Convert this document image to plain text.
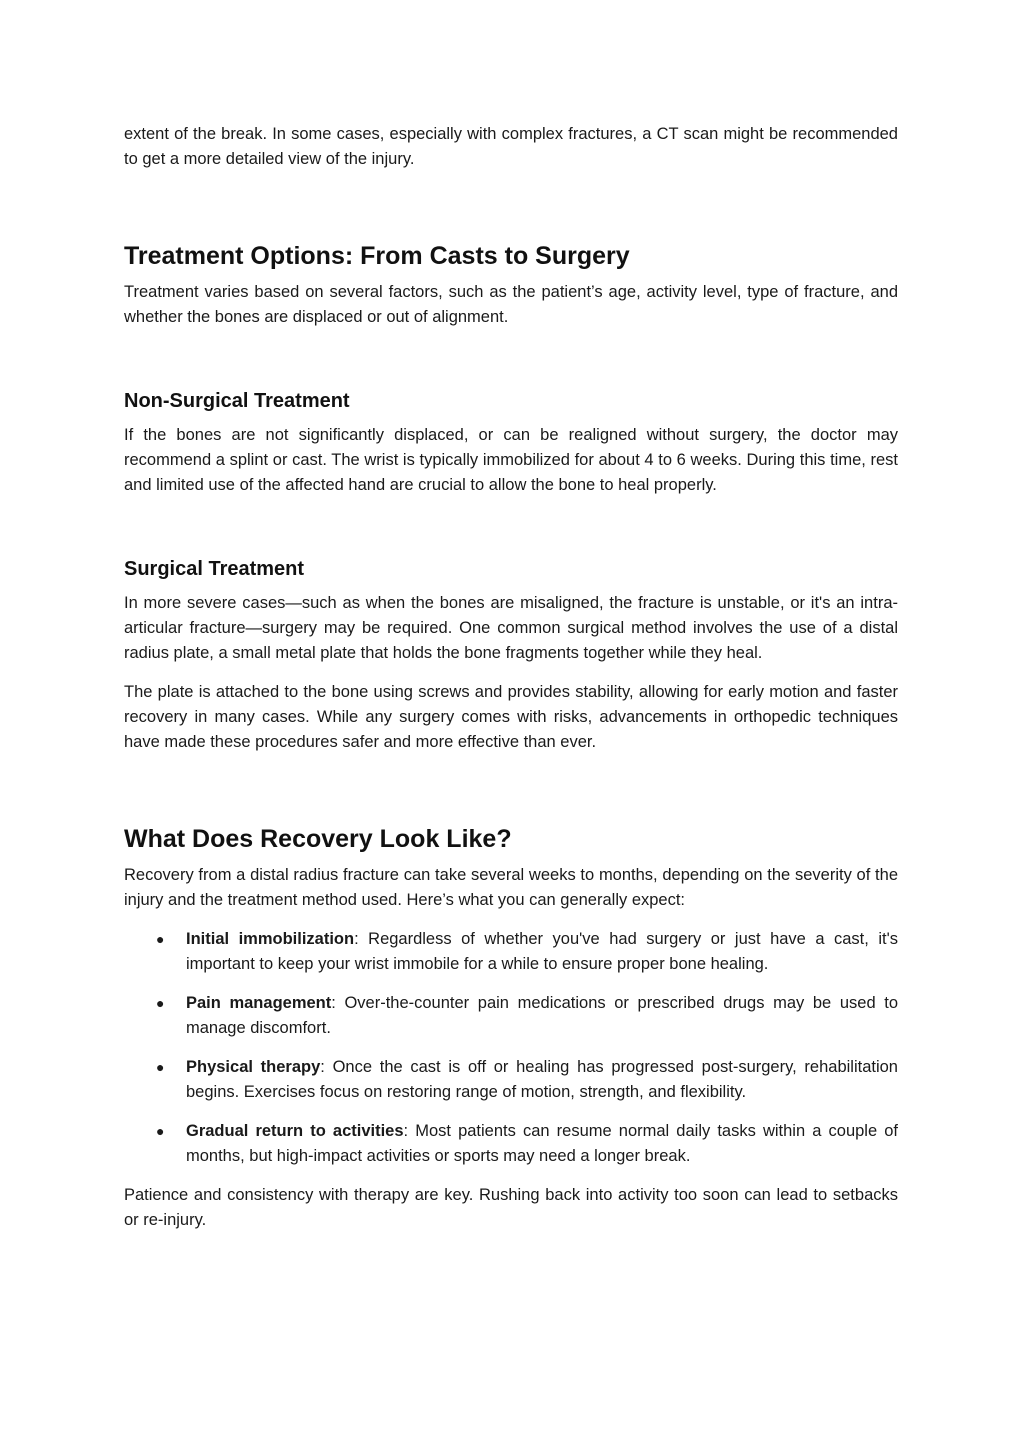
extent of the break. In some cases, especially with complex fractures, a CT scan might be recommended to get a more detailed view of the injury.

Treatment Options: From Casts to Surgery

Treatment varies based on several factors, such as the patient’s age, activity level, type of fracture, and whether the bones are displaced or out of alignment.

Non-Surgical Treatment

If the bones are not significantly displaced, or can be realigned without surgery, the doctor may recommend a splint or cast. The wrist is typically immobilized for about 4 to 6 weeks. During this time, rest and limited use of the affected hand are crucial to allow the bone to heal properly.

Surgical Treatment

In more severe cases—such as when the bones are misaligned, the fracture is unstable, or it's an intra-articular fracture—surgery may be required. One common surgical method involves the use of a distal radius plate, a small metal plate that holds the bone fragments together while they heal.

The plate is attached to the bone using screws and provides stability, allowing for early motion and faster recovery in many cases. While any surgery comes with risks, advancements in orthopedic techniques have made these procedures safer and more effective than ever.

What Does Recovery Look Like?

Recovery from a distal radius fracture can take several weeks to months, depending on the severity of the injury and the treatment method used. Here’s what you can generally expect:

● Initial immobilization: Regardless of whether you've had surgery or just have a cast, it's important to keep your wrist immobile for a while to ensure proper bone healing.
● Pain management: Over-the-counter pain medications or prescribed drugs may be used to manage discomfort.
● Physical therapy: Once the cast is off or healing has progressed post-surgery, rehabilitation begins. Exercises focus on restoring range of motion, strength, and flexibility.
● Gradual return to activities: Most patients can resume normal daily tasks within a couple of months, but high-impact activities or sports may need a longer break.

Patience and consistency with therapy are key. Rushing back into activity too soon can lead to setbacks or re-injury.
